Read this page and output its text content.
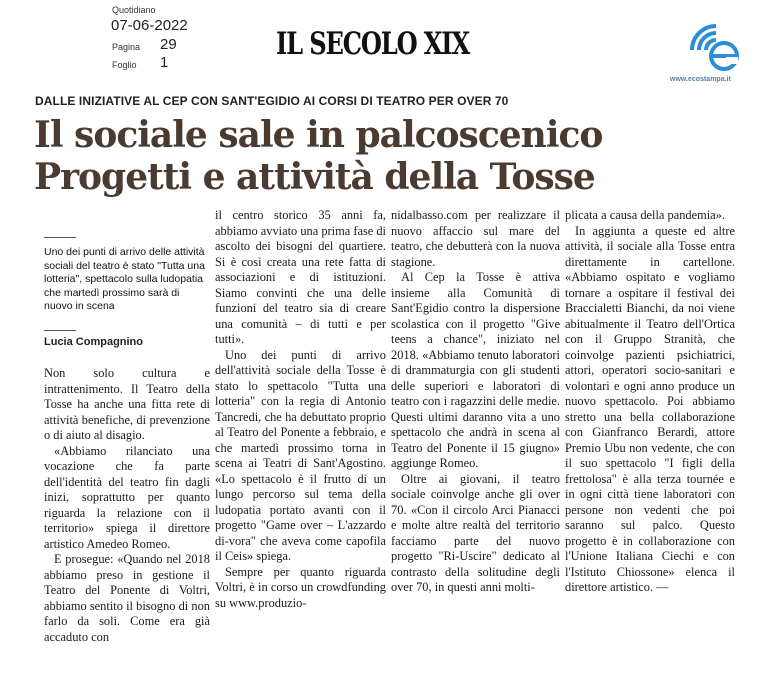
Quotidiano
07-06-2022
Pagina 29
Foglio 1
IL SECOLO XIX
www.ecostampa.it
DALLE INIZIATIVE AL CEP CON SANT'EGIDIO AI CORSI DI TEATRO PER OVER 70
Il sociale sale in palcoscenico
Progetti e attività della Tosse
Uno dei punti di arrivo delle attività sociali del teatro è stato "Tutta una lotteria", spettacolo sulla ludopatia che martedì prossimo sarà di nuovo in scena
Lucia Compagnino

Non solo cultura e intrattenimento. Il Teatro della Tosse ha anche una fitta rete di attività benefiche, di prevenzione o di aiuto al disagio.

«Abbiamo rilanciato una vocazione che fa parte dell'identità del teatro fin dagli inizi, soprattutto per quanto riguarda la relazione con il territorio» spiega il direttore artistico Amedeo Romeo.

E prosegue: «Quando nel 2018 abbiamo preso in gestione il Teatro del Ponente di Voltri, abbiamo sentito il bisogno di non farlo da soli. Come era già accaduto con

il centro storico 35 anni fa, abbiamo avviato una prima fase di ascolto dei bisogni del quartiere. Si è così creata una rete fatta di associazioni e di istituzioni. Siamo convinti che una delle funzioni del teatro sia di creare una comunità – di tutti e per tutti».

Uno dei punti di arrivo dell'attività sociale della Tosse è stato lo spettacolo "Tutta una lotteria" con la regia di Antonio Tancredi, che ha debuttato proprio al Teatro del Ponente a febbraio, e che martedì prossimo torna in scena ai Teatri di Sant'Agostino. «Lo spettacolo è il frutto di un lungo percorso sul tema della ludopatia portato avanti con il progetto "Game over – L'azzardo di-vora" che aveva come capofila il Ceis» spiega.

Sempre per quanto riguarda Voltri, è in corso un crowdfunding su www.produzio-

nidalbasso.com per realizzare il nuovo affaccio sul mare del teatro, che debutterà con la nuova stagione.

Al Cep la Tosse è attiva insieme alla Comunità di Sant'Egidio contro la dispersione scolastica con il progetto "Give teens a chance", iniziato nel 2018. «Abbiamo tenuto laboratori di drammaturgia con gli studenti delle superiori e laboratori di teatro con i ragazzini delle medie. Questi ultimi daranno vita a uno spettacolo che andrà in scena al Teatro del Ponente il 15 giugno» aggiunge Romeo.

Oltre ai giovani, il teatro sociale coinvolge anche gli over 70. «Con il circolo Arci Pianacci e molte altre realtà del territorio facciamo parte del nuovo progetto "Ri-Uscire" dedicato al contrasto della solitudine degli over 70, in questi anni molti-

plicata a causa della pandemia».

In aggiunta a queste ed altre attività, il sociale alla Tosse entra direttamente in cartellone. «Abbiamo ospitato e vogliamo tornare a ospitare il festival dei Braccialetti Bianchi, da noi viene abitualmente il Teatro dell'Ortica con il Gruppo Stranità, che coinvolge pazienti psichiatrici, attori, operatori socio-sanitari e volontari e ogni anno produce un nuovo spettacolo. Poi abbiamo stretto una bella collaborazione con Gianfranco Berardi, attore Premio Ubu non vedente, che con il suo spettacolo "I figli della frettolosa" è alla terza tournée e in ogni città tiene laboratori con persone non vedenti che poi saranno sul palco. Questo progetto è in collaborazione con l'Unione Italiana Ciechi e con l'Istituto Chiossone» elenca il direttore artistico. —
